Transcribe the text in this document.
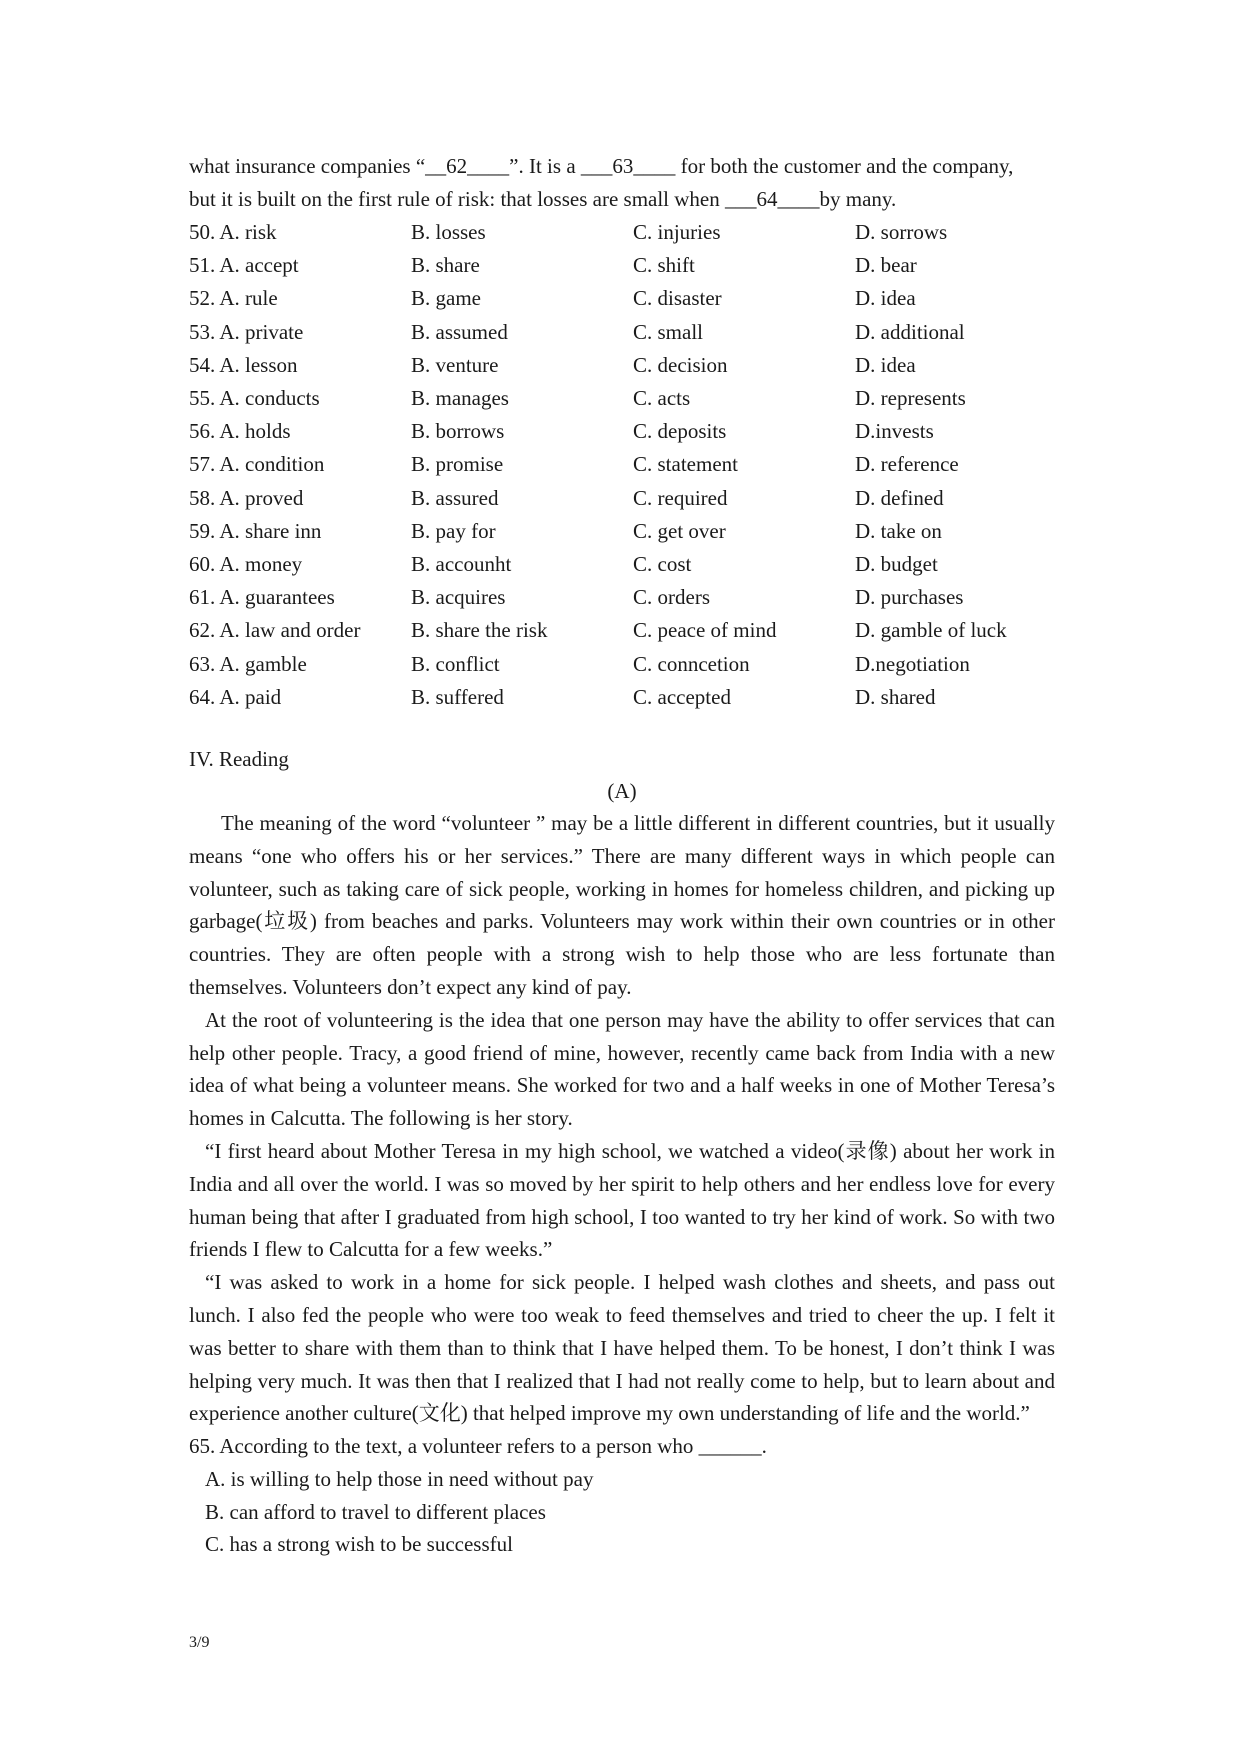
what insurance companies “__62____”. It is a ___63____ for both the customer and the company,
but it is built on the first rule of risk: that losses are small when ___64____by many.
50. A. risk	B. losses	C. injuries	D. sorrows
51. A. accept	B. share	C. shift	D. bear
52. A. rule	B. game	C. disaster	D. idea
53. A. private	B. assumed	C. small	D. additional
54. A. lesson	B. venture	C. decision	D. idea
55. A. conducts	B. manages	C. acts	D. represents
56. A. holds	B. borrows	C. deposits	D.invests
57. A. condition	B. promise	C. statement	D. reference
58. A. proved	B. assured	C. required	D. defined
59. A. share inn	B. pay for	C. get over	D. take on
60. A. money	B. accounht	C. cost	D. budget
61. A. guarantees	B. acquires	C. orders	D. purchases
62. A. law and order	B. share the risk	C. peace of mind	D. gamble of luck
63. A. gamble	B. conflict	C. conncetion	D.negotiation
64. A. paid	B. suffered	C. accepted	D. shared
IV. Reading
(A)

The meaning of the word “volunteer ” may be a little different in different countries, but it usually means “one who offers his or her services.” There are many different ways in which people can volunteer, such as taking care of sick people, working in homes for homeless children, and picking up garbage(垃圾) from beaches and parks. Volunteers may work within their own countries or in other countries. They are often people with a strong wish to help those who are less fortunate than themselves. Volunteers don’t expect any kind of pay.

At the root of volunteering is the idea that one person may have the ability to offer services that can help other people. Tracy, a good friend of mine, however, recently came back from India with a new idea of what being a volunteer means. She worked for two and a half weeks in one of Mother Teresa’s homes in Calcutta. The following is her story.

“I first heard about Mother Teresa in my high school, we watched a video(录像) about her work in India and all over the world. I was so moved by her spirit to help others and her endless love for every human being that after I graduated from high school, I too wanted to try her kind of work. So with two friends I flew to Calcutta for a few weeks.”

“I was asked to work in a home for sick people. I helped wash clothes and sheets, and pass out lunch. I also fed the people who were too weak to feed themselves and tried to cheer the up. I felt it was better to share with them than to think that I have helped them. To be honest, I don’t think I was helping very much. It was then that I realized that I had not really come to help, but to learn about and experience another culture(文化) that helped improve my own understanding of life and the world.”

65. According to the text, a volunteer refers to a person who ______.
A. is willing to help those in need without pay
B. can afford to travel to different places
C. has a strong wish to be successful
3/9
